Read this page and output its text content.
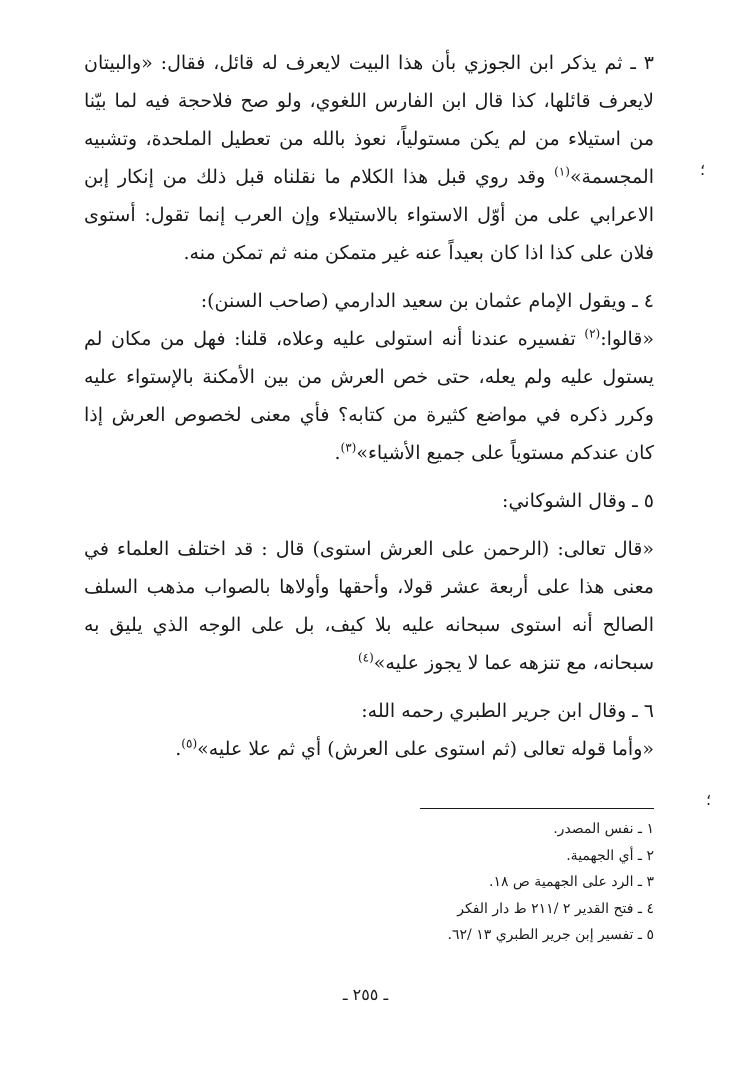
٣ ـ ثم يذكر ابن الجوزي بأن هذا البيت لايعرف له قائل، فقال: «والبيتان لايعرف قائلها، كذا قال ابن الفارس اللغوي، ولو صح فلاحجة فيه لما بيّنا من استيلاء من لم يكن مستولياً، نعوذ بالله من تعطيل الملحدة، وتشبيه المجسمة»$^{(١)}$ وقد روي قبل هذا الكلام ما نقلناه قبل ذلك من إنكار إبن الاعرابي على من أوّل الاستواء بالاستيلاء وإن العرب إنما تقول: أستوى فلان على كذا اذا كان بعيداً عنه غير متمكن منه ثم تمكن منه.

٤ ـ ويقول الإمام عثمان بن سعيد الدارمي (صاحب السنن):

«قالوا:$^{(٢)}$ تفسيره عندنا أنه استولى عليه وعلاه، قلنا: فهل من مكان لم يستول عليه ولم يعله، حتى خص العرش من بين الأمكنة بالإستواء عليه وكرر ذكره في مواضع كثيرة من كتابه؟ فأي معنى لخصوص العرش إذا كان عندكم مستوياً على جميع الأشياء»$^{(٣)}$.

٥ ـ وقال الشوكاني:

«قال تعالى: (الرحمن على العرش استوى) قال : قد اختلف العلماء في معنى هذا على أربعة عشر قولا، وأحقها وأولاها بالصواب مذهب السلف الصالح أنه استوى سبحانه عليه بلا كيف، بل على الوجه الذي يليق به سبحانه، مع تنزهه عما لا يجوز عليه»$^{(٤)}$

٦ ـ وقال ابن جرير الطبري رحمه الله:

«وأما قوله تعالى (ثم استوى على العرش) أي ثم علا عليه»$^{(٥)}$.

١ ـ نفس المصدر.

٢ ـ أي الجهمية.

٣ ـ الرد على الجهمية ص ١٨.

٤ ـ فتح القدير ٢ /٢١١ ط دار الفكر

٥ ـ تفسير إبن جرير الطبري ١٣ /٦٢.

ـ ٢٥٥ ـ
؛
؛
